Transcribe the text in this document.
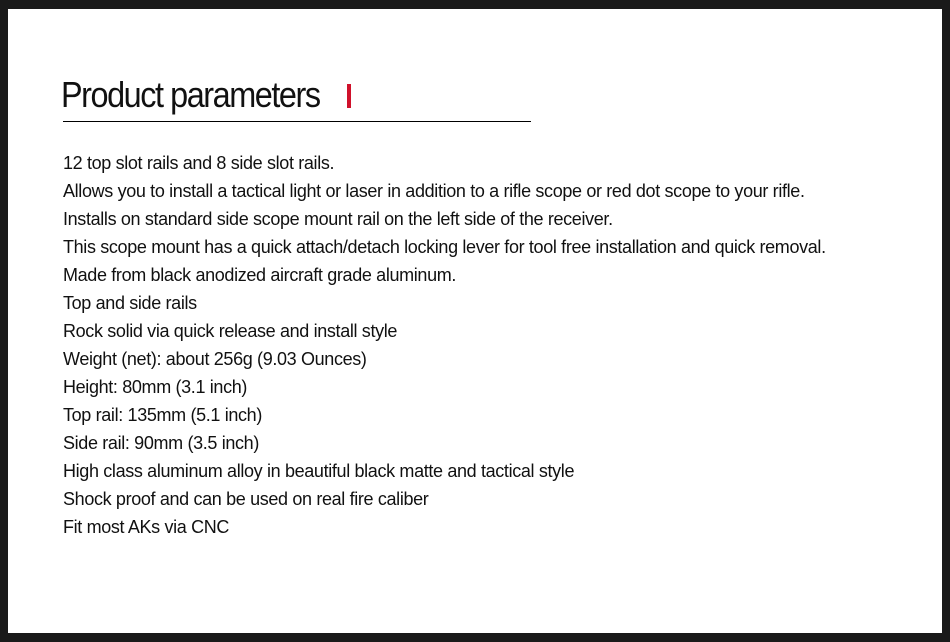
Product parameters
12 top slot rails and 8 side slot rails.
Allows you to install a tactical light or laser in addition to a rifle scope or red dot scope to your rifle.
Installs on standard side scope mount rail on the left side of the receiver.
This scope mount has a quick attach/detach locking lever for tool free installation and quick removal.
Made from black anodized aircraft grade aluminum.
Top and side rails
Rock solid via quick release and install style
Weight (net): about 256g (9.03 Ounces)
Height: 80mm (3.1 inch)
Top rail: 135mm (5.1 inch)
Side rail: 90mm (3.5 inch)
High class aluminum alloy in beautiful black matte and tactical style
Shock proof and can be used on real fire caliber
Fit most AKs via CNC
